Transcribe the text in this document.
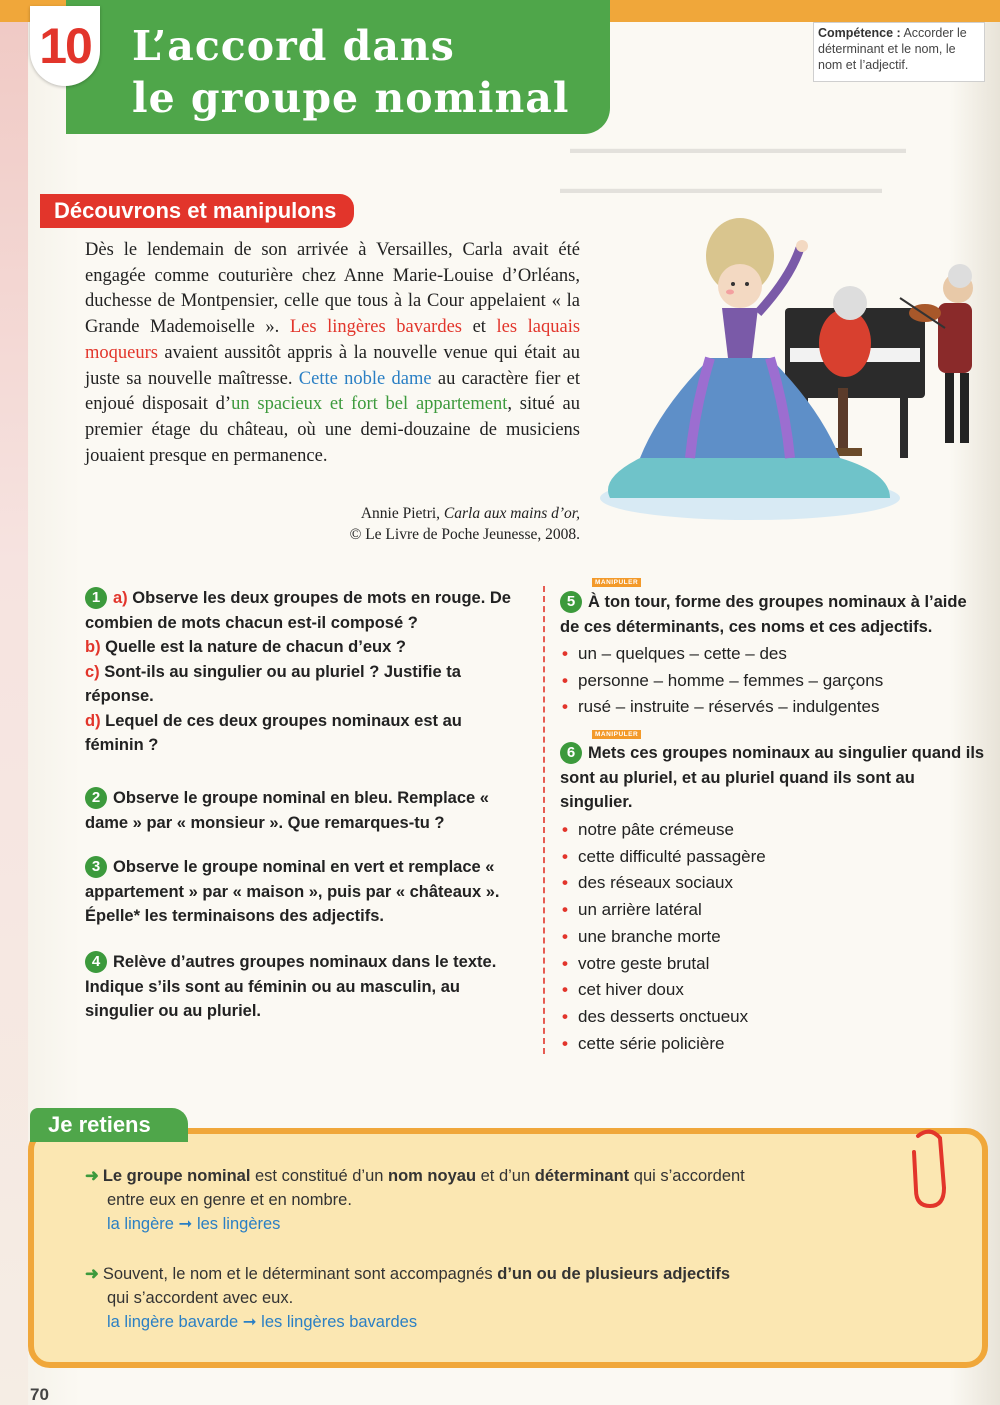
▬▬▬▬▬▬▬▬▬▬▬▬▬▬▬▬▬▬▬▬▬▬▬▬
▬▬▬▬▬▬▬▬▬▬▬▬▬▬▬▬▬▬▬▬▬▬▬
10 L’accord dans
le groupe nominal
Compétence : Accorder le déterminant et le nom, le nom et l’adjectif.
Découvrons et manipulons
Dès le lendemain de son arrivée à Versailles, Carla avait été engagée comme couturière chez Anne Marie-Louise d’Orléans, duchesse de Montpensier, celle que tous à la Cour appelaient « la Grande Mademoiselle ». Les lingères bavardes et les laquais moqueurs avaient aussitôt appris à la nouvelle venue qui était au juste sa nouvelle maîtresse. Cette noble dame au caractère fier et enjoué disposait d’un spacieux et fort bel appartement, situé au premier étage du château, où une demi-douzaine de musiciens jouaient presque en permanence.
Annie Pietri, Carla aux mains d’or,
© Le Livre de Poche Jeunesse, 2008.
1 a) Observe les deux groupes de mots en rouge. De combien de mots chacun est-il composé ?
b) Quelle est la nature de chacun d’eux ?
c) Sont-ils au singulier ou au pluriel ? Justifie ta réponse.
d) Lequel de ces deux groupes nominaux est au féminin ?
2 Observe le groupe nominal en bleu. Remplace « dame » par « monsieur ». Que remarques-tu ?
3 Observe le groupe nominal en vert et remplace « appartement » par « maison », puis par « châteaux ». Épelle* les terminaisons des adjectifs.
4 Relève d’autres groupes nominaux dans le texte. Indique s’ils sont au féminin ou au masculin, au singulier ou au pluriel.
MANIPULER
5 À ton tour, forme des groupes nominaux à l’aide de ces déterminants, ces noms et ces adjectifs.
• un – quelques – cette – des
• personne – homme – femmes – garçons
• rusé – instruite – réservés – indulgentes
MANIPULER
6 Mets ces groupes nominaux au singulier quand ils sont au pluriel, et au pluriel quand ils sont au singulier.
• notre pâte crémeuse
• cette difficulté passagère
• des réseaux sociaux
• un arrière latéral
• une branche morte
• votre geste brutal
• cet hiver doux
• des desserts onctueux
• cette série policière
Je retiens
➜ Le groupe nominal est constitué d’un nom noyau et d’un déterminant qui s’accordent
entre eux en genre et en nombre.
la lingère ➞ les lingères
➜ Souvent, le nom et le déterminant sont accompagnés d’un ou de plusieurs adjectifs
qui s’accordent avec eux.
la lingère bavarde ➞ les lingères bavardes
70
